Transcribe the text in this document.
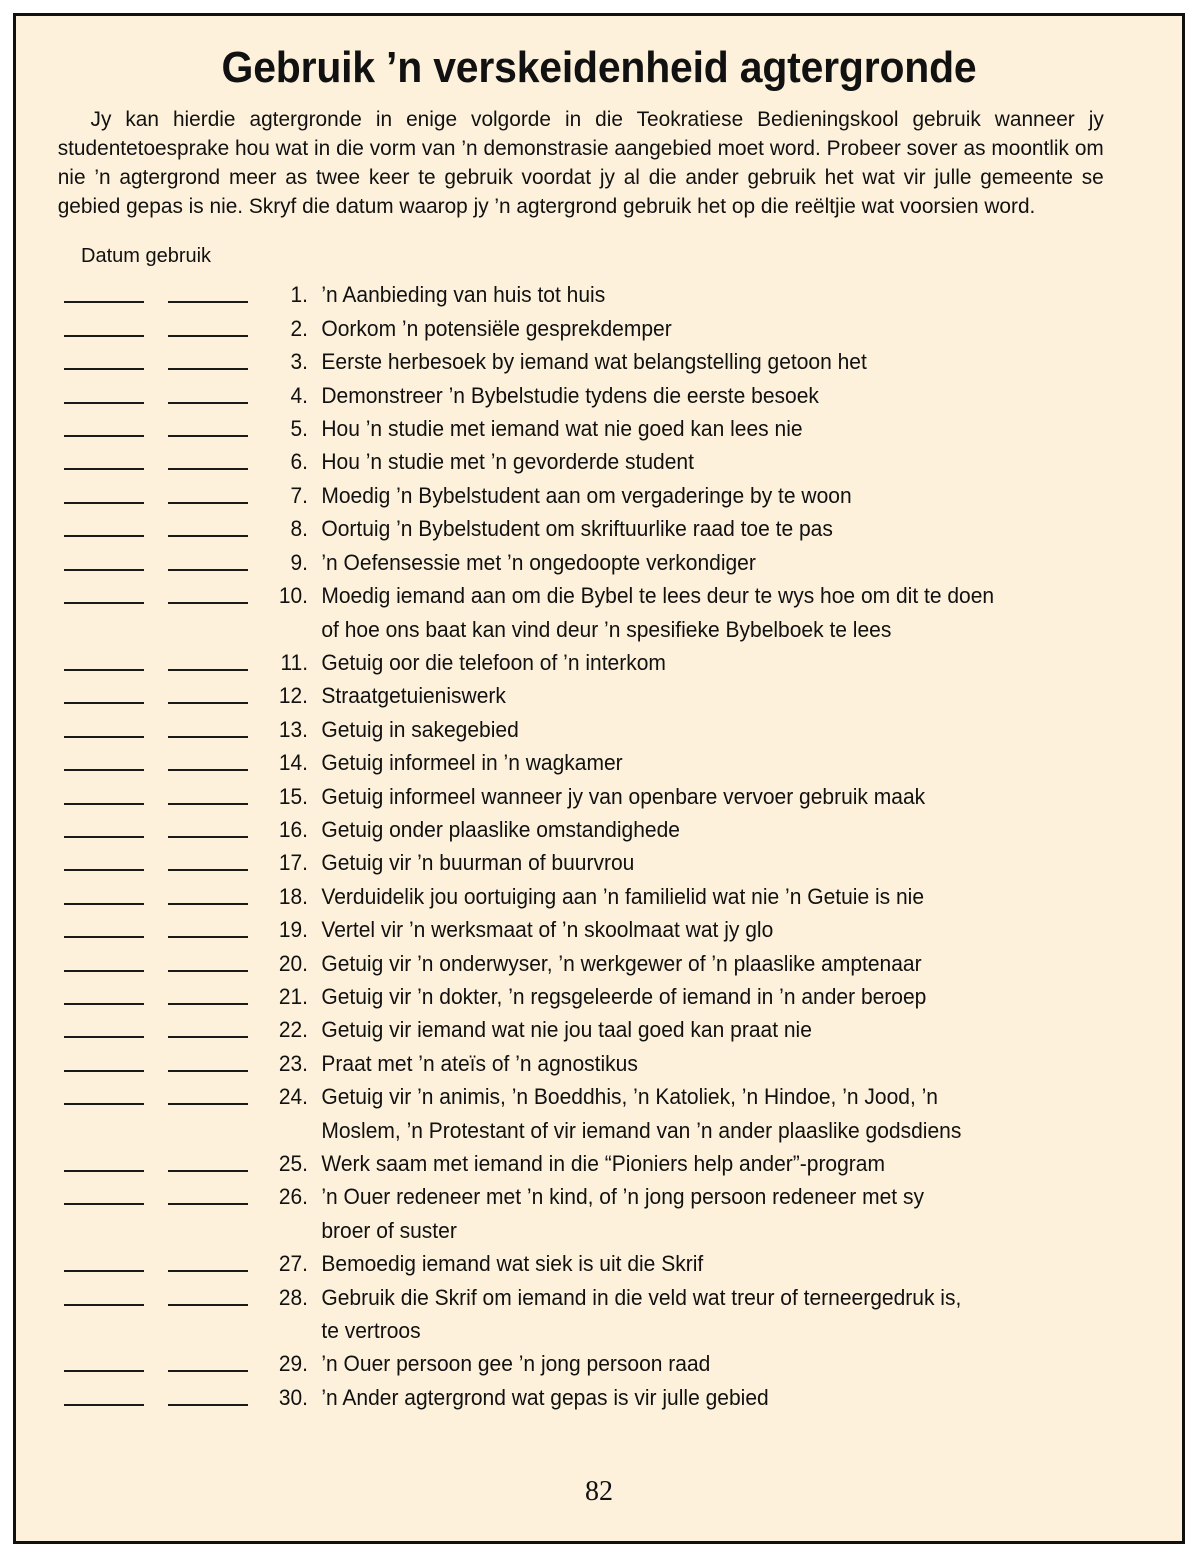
Gebruik ’n verskeidenheid agtergronde

Jy kan hierdie agtergronde in enige volgorde in die Teokratiese Bedieningskool gebruik wanneer jy studentetoesprake hou wat in die vorm van ’n demonstrasie aangebied moet word. Probeer sover as moontlik om nie ’n agtergrond meer as twee keer te gebruik voordat jy al die ander gebruik het wat vir julle gemeente se gebied gepas is nie. Skryf die datum waarop jy ’n agtergrond gebruik het op die reëltjie wat voorsien word.

Datum gebruik
1. ’n Aanbieding van huis tot huis
2. Oorkom ’n potensiële gesprekdemper
3. Eerste herbesoek by iemand wat belangstelling getoon het
4. Demonstreer ’n Bybelstudie tydens die eerste besoek
5. Hou ’n studie met iemand wat nie goed kan lees nie
6. Hou ’n studie met ’n gevorderde student
7. Moedig ’n Bybelstudent aan om vergaderinge by te woon
8. Oortuig ’n Bybelstudent om skriftuurlike raad toe te pas
9. ’n Oefensessie met ’n ongedoopte verkondiger
10. Moedig iemand aan om die Bybel te lees deur te wys hoe om dit te doen
of hoe ons baat kan vind deur ’n spesifieke Bybelboek te lees
11. Getuig oor die telefoon of ’n interkom
12. Straatgetuieniswerk
13. Getuig in sakegebied
14. Getuig informeel in ’n wagkamer
15. Getuig informeel wanneer jy van openbare vervoer gebruik maak
16. Getuig onder plaaslike omstandighede
17. Getuig vir ’n buurman of buurvrou
18. Verduidelik jou oortuiging aan ’n familielid wat nie ’n Getuie is nie
19. Vertel vir ’n werksmaat of ’n skoolmaat wat jy glo
20. Getuig vir ’n onderwyser, ’n werkgewer of ’n plaaslike amptenaar
21. Getuig vir ’n dokter, ’n regsgeleerde of iemand in ’n ander beroep
22. Getuig vir iemand wat nie jou taal goed kan praat nie
23. Praat met ’n ateïs of ’n agnostikus
24. Getuig vir ’n animis, ’n Boeddhis, ’n Katoliek, ’n Hindoe, ’n Jood, ’n
Moslem, ’n Protestant of vir iemand van ’n ander plaaslike godsdiens
25. Werk saam met iemand in die “Pioniers help ander”-program
26. ’n Ouer redeneer met ’n kind, of ’n jong persoon redeneer met sy
broer of suster
27. Bemoedig iemand wat siek is uit die Skrif
28. Gebruik die Skrif om iemand in die veld wat treur of terneergedruk is,
te vertroos
29. ’n Ouer persoon gee ’n jong persoon raad
30. ’n Ander agtergrond wat gepas is vir julle gebied
82
